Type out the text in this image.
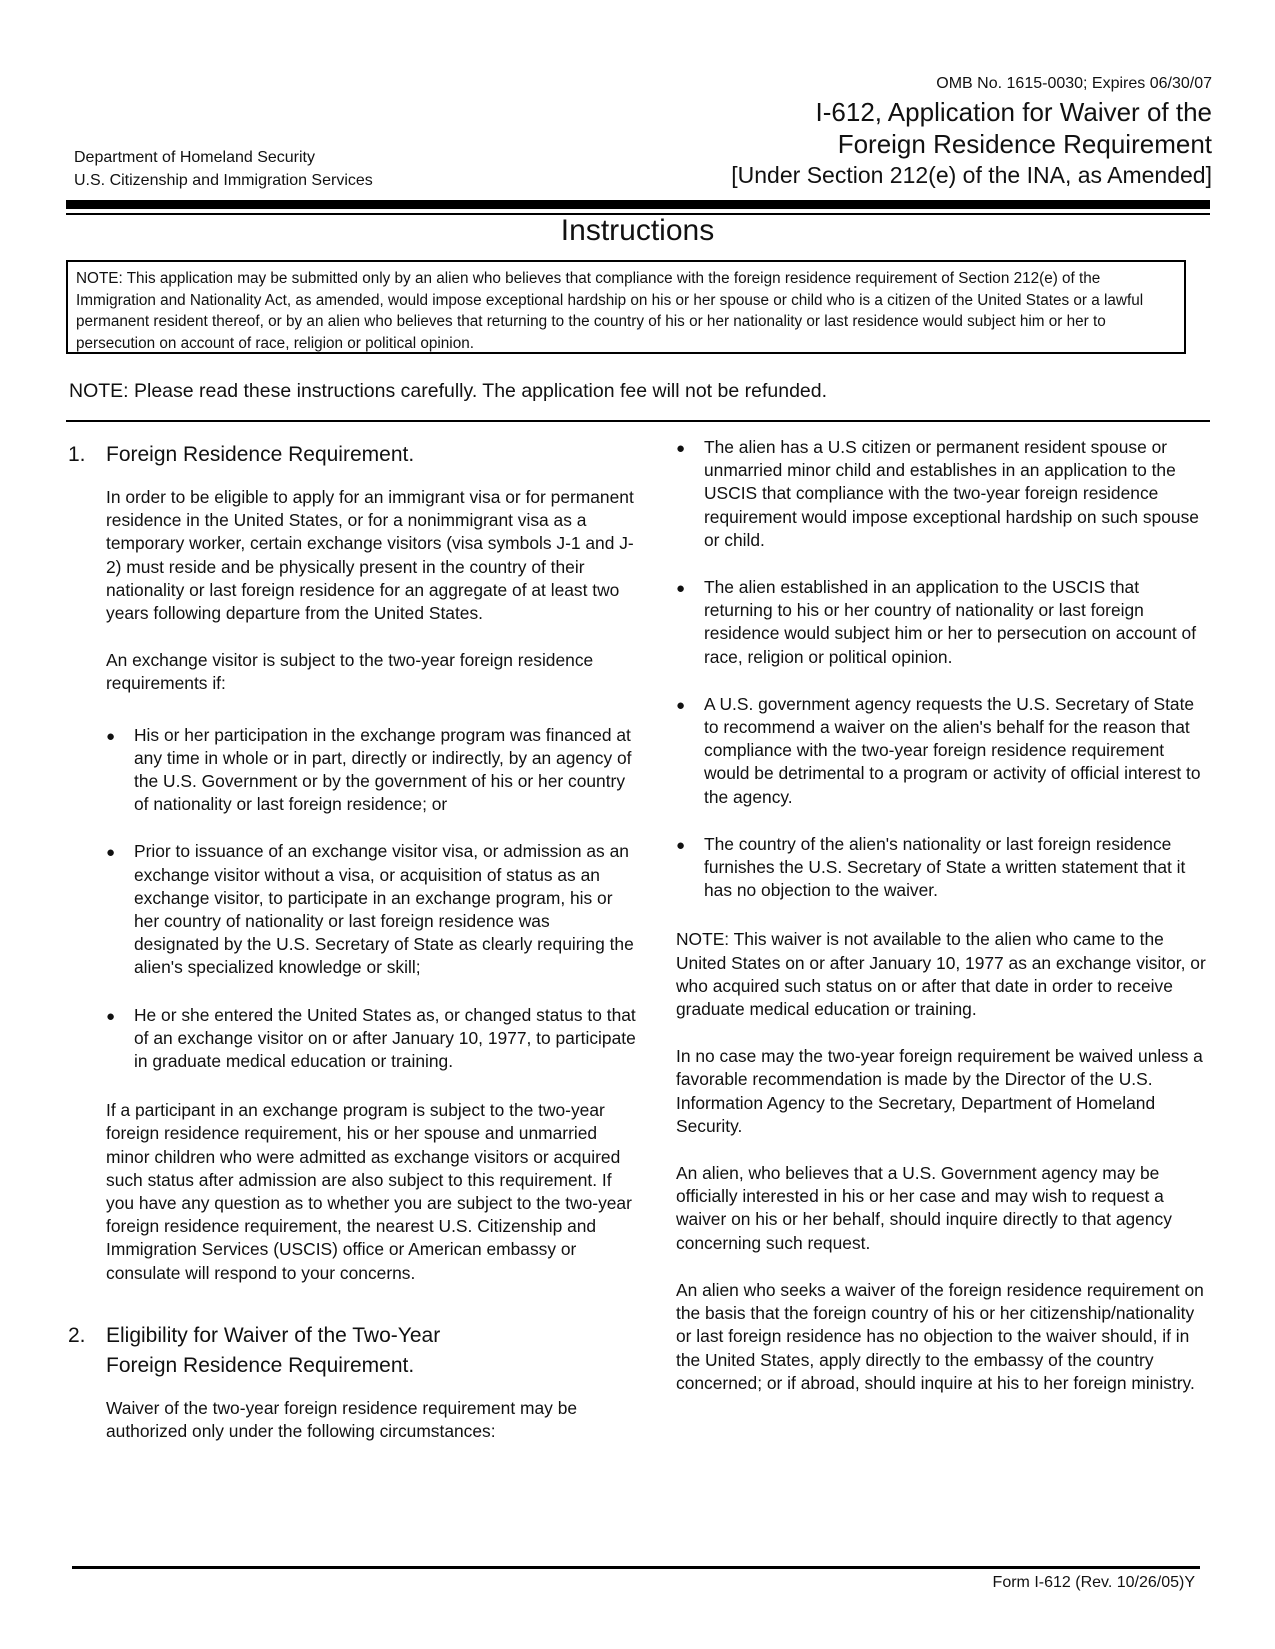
OMB No. 1615-0030; Expires 06/30/07
I-612, Application for Waiver of the
Foreign Residence Requirement
[Under Section 212(e) of the INA, as Amended]
Department of Homeland Security
U.S. Citizenship and Immigration Services
Instructions

NOTE: This application may be submitted only by an alien who believes that compliance with the foreign residence requirement of Section 212(e) of the Immigration and Nationality Act, as amended, would impose exceptional hardship on his or her spouse or child who is a citizen of the United States or a lawful permanent resident thereof, or by an alien who believes that returning to the country of his or her nationality or last residence would subject him or her to persecution on account of race, religion or political opinion.

NOTE: Please read these instructions carefully. The application fee will not be refunded.
1. Foreign Residence Requirement.

In order to be eligible to apply for an immigrant visa or for permanent residence in the United States, or for a nonimmigrant visa as a temporary worker, certain exchange visitors (visa symbols J-1 and J-2) must reside and be physically present in the country of their nationality or last foreign residence for an aggregate of at least two years following departure from the United States.

An exchange visitor is subject to the two-year foreign residence requirements if:

●	His or her participation in the exchange program was financed at any time in whole or in part, directly or indirectly, by an agency of the U.S. Government or by the government of his or her country of nationality or last foreign residence; or
●	Prior to issuance of an exchange visitor visa, or admission as an exchange visitor without a visa, or acquisition of status as an exchange visitor, to participate in an exchange program, his or her country of nationality or last foreign residence was designated by the U.S. Secretary of State as clearly requiring the alien's specialized knowledge or skill;
●	He or she entered the United States as, or changed status to that of an exchange visitor on or after January 10, 1977, to participate in graduate medical education or training.

If a participant in an exchange program is subject to the two-year foreign residence requirement, his or her spouse and unmarried minor children who were admitted as exchange visitors or acquired such status after admission are also subject to this requirement. If you have any question as to whether you are subject to the two-year foreign residence requirement, the nearest U.S. Citizenship and Immigration Services (USCIS) office or American embassy or consulate will respond to your concerns.

2. Eligibility for Waiver of the Two-Year
Foreign Residence Requirement.

Waiver of the two-year foreign residence requirement may be authorized only under the following circumstances:

●	The alien has a U.S citizen or permanent resident spouse or unmarried minor child and establishes in an application to the USCIS that compliance with the two-year foreign residence requirement would impose exceptional hardship on such spouse or child.
●	The alien established in an application to the USCIS that returning to his or her country of nationality or last foreign residence would subject him or her to persecution on account of race, religion or political opinion.
●	A U.S. government agency requests the U.S. Secretary of State to recommend a waiver on the alien's behalf for the reason that compliance with the two-year foreign residence requirement would be detrimental to a program or activity of official interest to the agency.
●	The country of the alien's nationality or last foreign residence furnishes the U.S. Secretary of State a written statement that it has no objection to the waiver.

NOTE: This waiver is not available to the alien who came to the United States on or after January 10, 1977 as an exchange visitor, or who acquired such status on or after that date in order to receive graduate medical education or training.

In no case may the two-year foreign requirement be waived unless a favorable recommendation is made by the Director of the U.S. Information Agency to the Secretary, Department of Homeland Security.

An alien, who believes that a U.S. Government agency may be officially interested in his or her case and may wish to request a waiver on his or her behalf, should inquire directly to that agency concerning such request.

An alien who seeks a waiver of the foreign residence requirement on the basis that the foreign country of his or her citizenship/nationality or last foreign residence has no objection to the waiver should, if in the United States, apply directly to the embassy of the country concerned; or if abroad, should inquire at his to her foreign ministry.

Form I-612 (Rev. 10/26/05)Y
